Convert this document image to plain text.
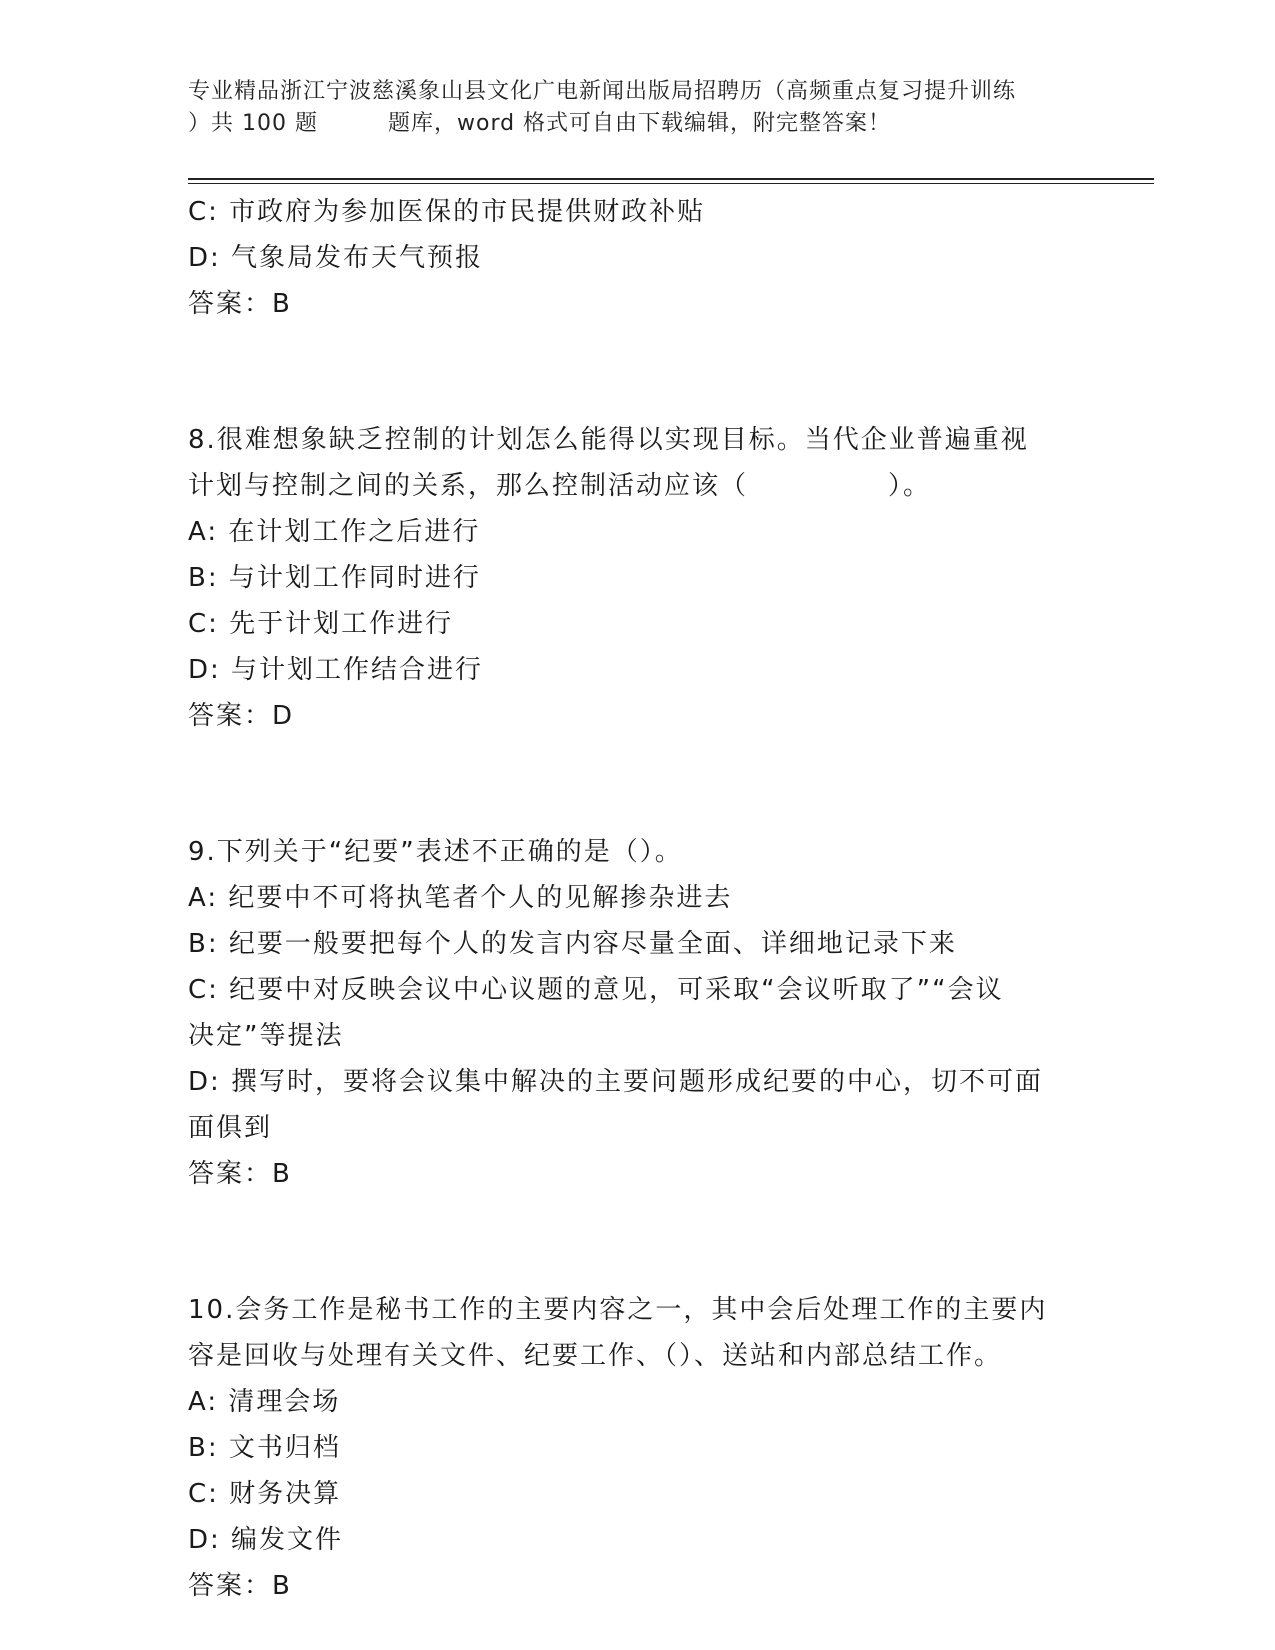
专业精品浙江宁波慈溪象山县文化广电新闻出版局招聘历（高频重点复习提升训练
）共 100 题	题库，word 格式可自由下载编辑，附完整答案！
C: 市政府为参加医保的市民提供财政补贴
D: 气象局发布天气预报
答案：B
8.很难想象缺乏控制的计划怎么能得以实现目标。当代企业普遍重视
计划与控制之间的关系，那么控制活动应该（　　　　　）。
A: 在计划工作之后进行
B: 与计划工作同时进行
C: 先于计划工作进行
D: 与计划工作结合进行
答案：D
9.下列关于“纪要”表述不正确的是（）。
A: 纪要中不可将执笔者个人的见解掺杂进去
B: 纪要一般要把每个人的发言内容尽量全面、详细地记录下来
C: 纪要中对反映会议中心议题的意见，可采取“会议听取了”“会议
决定”等提法
D: 撰写时，要将会议集中解决的主要问题形成纪要的中心，切不可面
面俱到
答案：B
10.会务工作是秘书工作的主要内容之一，其中会后处理工作的主要内
容是回收与处理有关文件、纪要工作、（）、送站和内部总结工作。
A: 清理会场
B: 文书归档
C: 财务决算
D: 编发文件
答案：B
